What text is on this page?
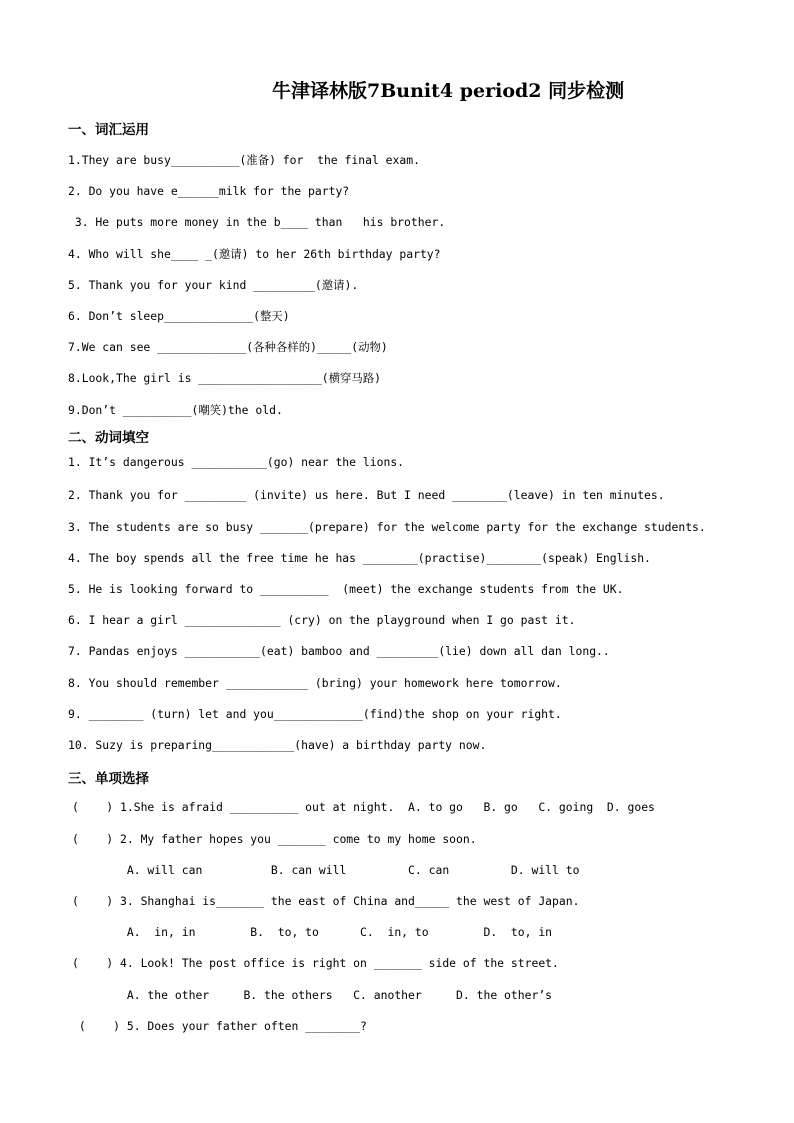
牛津译林版7Bunit4 period2 同步检测
一、词汇运用
1.They are busy__________(准备) for  the final exam.
2. Do you have e______milk for the party?
3. He puts more money in the b____ than   his brother.
4. Who will she____ _(邀请) to her 26th birthday party?
5. Thank you for your kind _________(邀请).
6. Don’t sleep_____________(整天)
7.We can see _____________(各种各样的)_____(动物)
8.Look,The girl is __________________(横穿马路)
9.Don’t __________(嘲笑)the old.
二、动词填空
1. It’s dangerous ___________(go) near the lions.
2. Thank you for _________ (invite) us here. But I need ________(leave) in ten minutes.
3. The students are so busy _______(prepare) for the welcome party for the exchange students.
4. The boy spends all the free time he has ________(practise)________(speak) English.
5. He is looking forward to __________  (meet) the exchange students from the UK.
6. I hear a girl ______________ (cry) on the playground when I go past it.
7. Pandas enjoys ___________(eat) bamboo and _________(lie) down all dan long..
8. You should remember ____________ (bring) your homework here tomorrow.
9. ________ (turn) let and you_____________(find)the shop on your right.
10. Suzy is preparing____________(have) a birthday party now.
三、单项选择
(    ) 1.She is afraid __________ out at night.  A. to go   B. go   C. going  D. goes
(    ) 2. My father hopes you _______ come to my home soon.
A. will can          B. can will         C. can         D. will to
(    ) 3. Shanghai is_______ the east of China and_____ the west of Japan.
A.  in, in        B.  to, to      C.  in, to        D.  to, in
(    ) 4. Look! The post office is right on _______ side of the street.
A. the other     B. the others   C. another     D. the other’s
(    ) 5. Does your father often ________?
